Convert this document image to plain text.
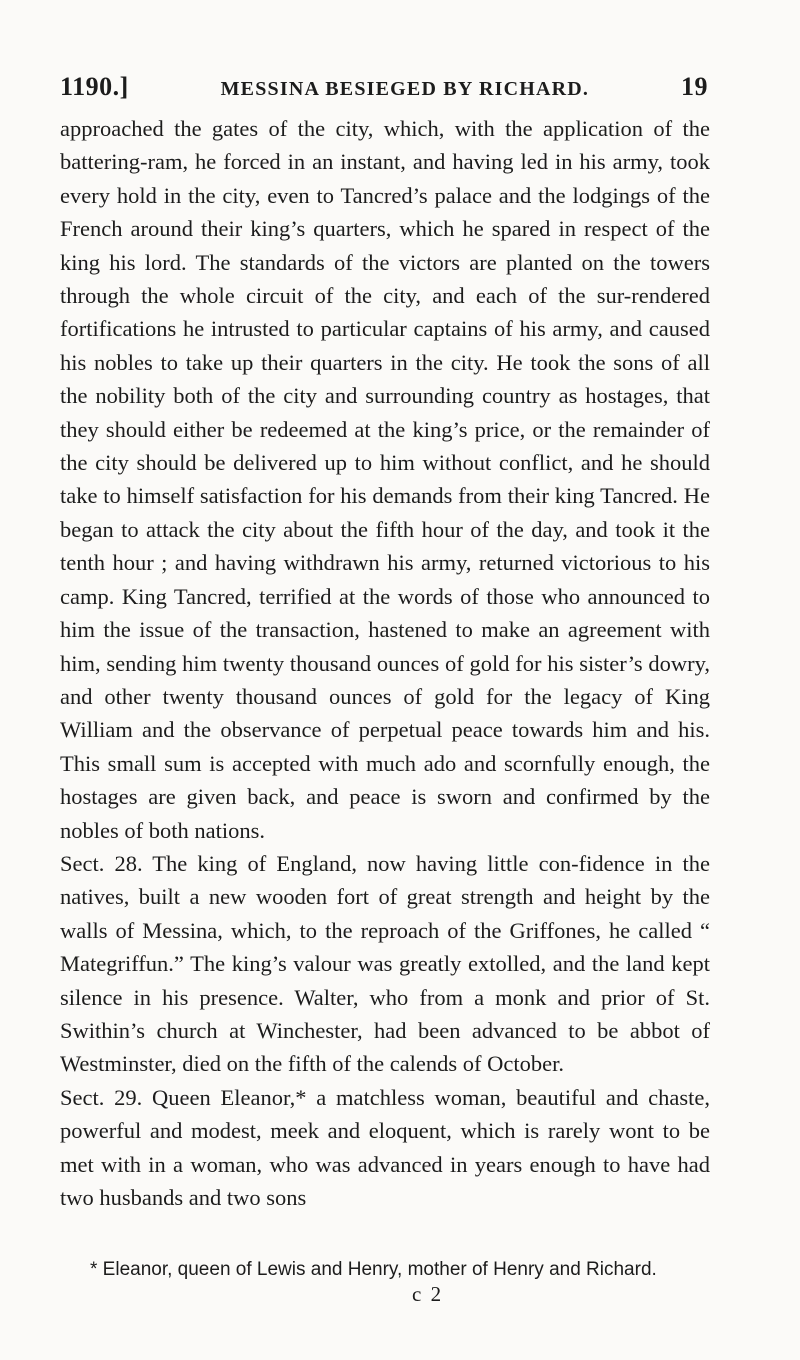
1190.]	MESSINA BESIEGED BY RICHARD.	19

approached the gates of the city, which, with the application of the battering-ram, he forced in an instant, and having led in his army, took every hold in the city, even to Tancred’s palace and the lodgings of the French around their king’s quarters, which he spared in respect of the king his lord. The standards of the victors are planted on the towers through the whole circuit of the city, and each of the sur-rendered fortifications he intrusted to particular captains of his army, and caused his nobles to take up their quarters in the city. He took the sons of all the nobility both of the city and surrounding country as hostages, that they should either be redeemed at the king’s price, or the remainder of the city should be delivered up to him without conflict, and he should take to himself satisfaction for his demands from their king Tancred. He began to attack the city about the fifth hour of the day, and took it the tenth hour ; and having withdrawn his army, returned victorious to his camp. King Tancred, terrified at the words of those who announced to him the issue of the transaction, hastened to make an agreement with him, sending him twenty thousand ounces of gold for his sister’s dowry, and other twenty thousand ounces of gold for the legacy of King William and the observance of perpetual peace towards him and his. This small sum is accepted with much ado and scornfully enough, the hostages are given back, and peace is sworn and confirmed by the nobles of both nations.

Sect. 28. The king of England, now having little con-fidence in the natives, built a new wooden fort of great strength and height by the walls of Messina, which, to the reproach of the Griffones, he called “ Mategriffun.” The king’s valour was greatly extolled, and the land kept silence in his presence. Walter, who from a monk and prior of St. Swithin’s church at Winchester, had been advanced to be abbot of Westminster, died on the fifth of the calends of October.

Sect. 29. Queen Eleanor,* a matchless woman, beautiful and chaste, powerful and modest, meek and eloquent, which is rarely wont to be met with in a woman, who was advanced in years enough to have had two husbands and two sons

* Eleanor, queen of Lewis and Henry, mother of Henry and Richard.
c 2
